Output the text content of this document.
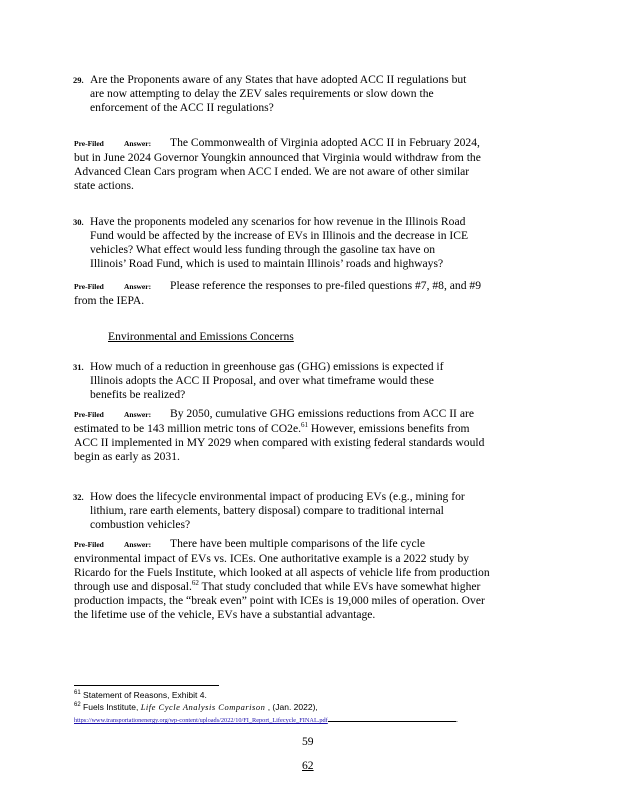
29. Are the Proponents aware of any States that have adopted ACC II regulations but
are now attempting to delay the ZEV sales requirements or slow down the
enforcement of the ACC II regulations?
Pre-Filed	Answer: The Commonwealth of Virginia adopted ACC II in February 2024,
but in June 2024 Governor Youngkin announced that Virginia would withdraw from the
Advanced Clean Cars program when ACC I ended. We are not aware of other similar
state actions.
30. Have the proponents modeled any scenarios for how revenue in the Illinois Road
Fund would be affected by the increase of EVs in Illinois and the decrease in ICE
vehicles? What effect would less funding through the gasoline tax have on
Illinois’ Road Fund, which is used to maintain Illinois’ roads and highways?
Pre-Filed	Answer: Please reference the responses to pre-filed questions #7, #8, and #9
from the IEPA.
Environmental and Emissions Concerns
31. How much of a reduction in greenhouse gas (GHG) emissions is expected if
Illinois adopts the ACC II Proposal, and over what timeframe would these
benefits be realized?
Pre-Filed	Answer: By 2050, cumulative GHG emissions reductions from ACC II are
estimated to be 143 million metric tons of CO2e.$^{61}$ However, emissions benefits from
ACC II implemented in MY 2029 when compared with existing federal standards would
begin as early as 2031.
32. How does the lifecycle environmental impact of producing EVs (e.g., mining for
lithium, rare earth elements, battery disposal) compare to traditional internal
combustion vehicles?
Pre-Filed	Answer: There have been multiple comparisons of the life cycle
environmental impact of EVs vs. ICEs. One authoritative example is a 2022 study by
Ricardo for the Fuels Institute, which looked at all aspects of vehicle life from production
through use and disposal.$^{62}$ That study concluded that while EVs have somewhat higher
production impacts, the “break even” point with ICEs is 19,000 miles of operation. Over
the lifetime use of the vehicle, EVs have a substantial advantage.
$^{61}$ Statement of Reasons, Exhibit 4.
$^{62}$ Fuels Institute, Life Cycle Analysis Comparison , (Jan. 2022),
https://www.transportationenergy.org/wp-content/uploads/2022/10/FI_Report_Lifecycle_FINAL.pdf	.
59
62
